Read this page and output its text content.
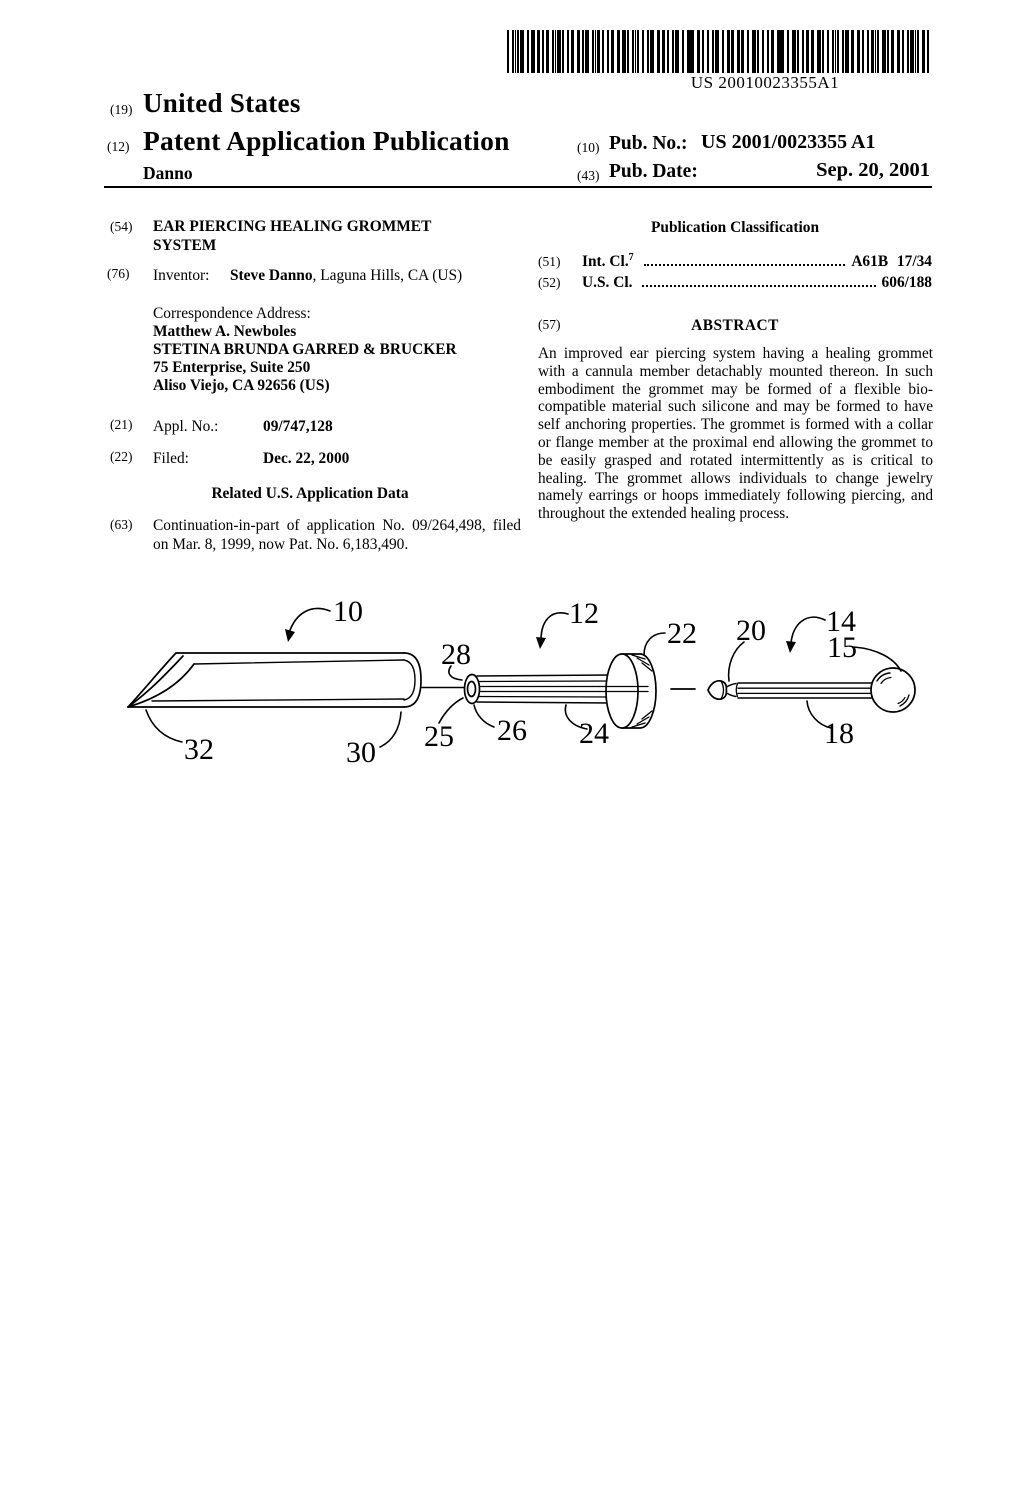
US 20010023355A1
(19) United States
(12) Patent Application Publication
Danno
(10) Pub. No.: US 2001/0023355 A1
(43) Pub. Date:	Sep. 20, 2001
(54) EAR PIERCING HEALING GROMMET
SYSTEM
(76) Inventor: Steve Danno, Laguna Hills, CA (US)
Correspondence Address:
Matthew A. Newboles
STETINA BRUNDA GARRED & BRUCKER
75 Enterprise, Suite 250
Aliso Viejo, CA 92656 (US)
(21) Appl. No.:	09/747,128
(22) Filed:	Dec. 22, 2000
Related U.S. Application Data
(63) Continuation-in-part of application No. 09/264,498, filed on Mar. 8, 1999, now Pat. No. 6,183,490.
Publication Classification
(51)	Int. Cl.$^7$	A61B 17/34
(52)	U.S. Cl.	606/188
(57)	ABSTRACT
An improved ear piercing system having a healing grommet with a cannula member detachably mounted thereon. In such embodiment the grommet may be formed of a flexible bio-compatible material such silicone and may be formed to have self anchoring properties. The grommet is formed with a collar or flange member at the proximal end allowing the grommet to be easily grasped and rotated intermittently as is critical to healing. The grommet allows individuals to change jewelry namely earrings or hoops immediately following piercing, and throughout the extended healing process.
10	12
22 20 14
15
28
25 26 24
32	30
18
